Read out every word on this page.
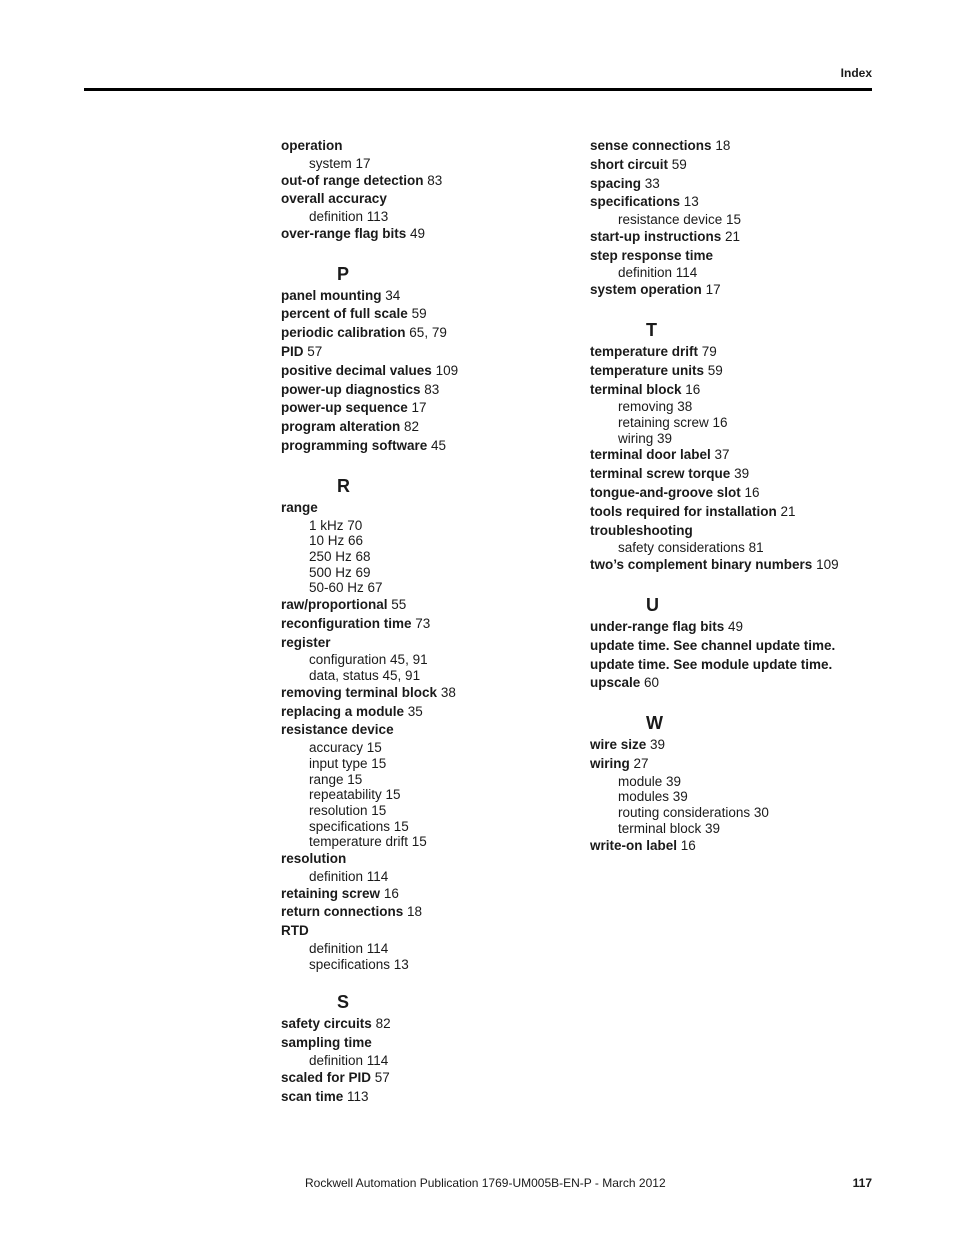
Index
operation
system 17
out-of range detection 83
overall accuracy
definition 113
over-range flag bits 49
P
panel mounting 34
percent of full scale 59
periodic calibration 65, 79
PID 57
positive decimal values 109
power-up diagnostics 83
power-up sequence 17
program alteration 82
programming software 45
R
range
1 kHz 70
10 Hz 66
250 Hz 68
500 Hz 69
50-60 Hz 67
raw/proportional 55
reconfiguration time 73
register
configuration 45, 91
data, status 45, 91
removing terminal block 38
replacing a module 35
resistance device
accuracy 15
input type 15
range 15
repeatability 15
resolution 15
specifications 15
temperature drift 15
resolution
definition 114
retaining screw 16
return connections 18
RTD
definition 114
specifications 13
S
safety circuits 82
sampling time
definition 114
scaled for PID 57
scan time 113
sense connections 18
short circuit 59
spacing 33
specifications 13
resistance device 15
start-up instructions 21
step response time
definition 114
system operation 17
T
temperature drift 79
temperature units 59
terminal block 16
removing 38
retaining screw 16
wiring 39
terminal door label 37
terminal screw torque 39
tongue-and-groove slot 16
tools required for installation 21
troubleshooting
safety considerations 81
two’s complement binary numbers 109
U
under-range flag bits 49
update time. See channel update time.
update time. See module update time.
upscale 60
W
wire size 39
wiring 27
module 39
modules 39
routing considerations 30
terminal block 39
write-on label 16
Rockwell Automation Publication 1769-UM005B-EN-P - March 2012	117
